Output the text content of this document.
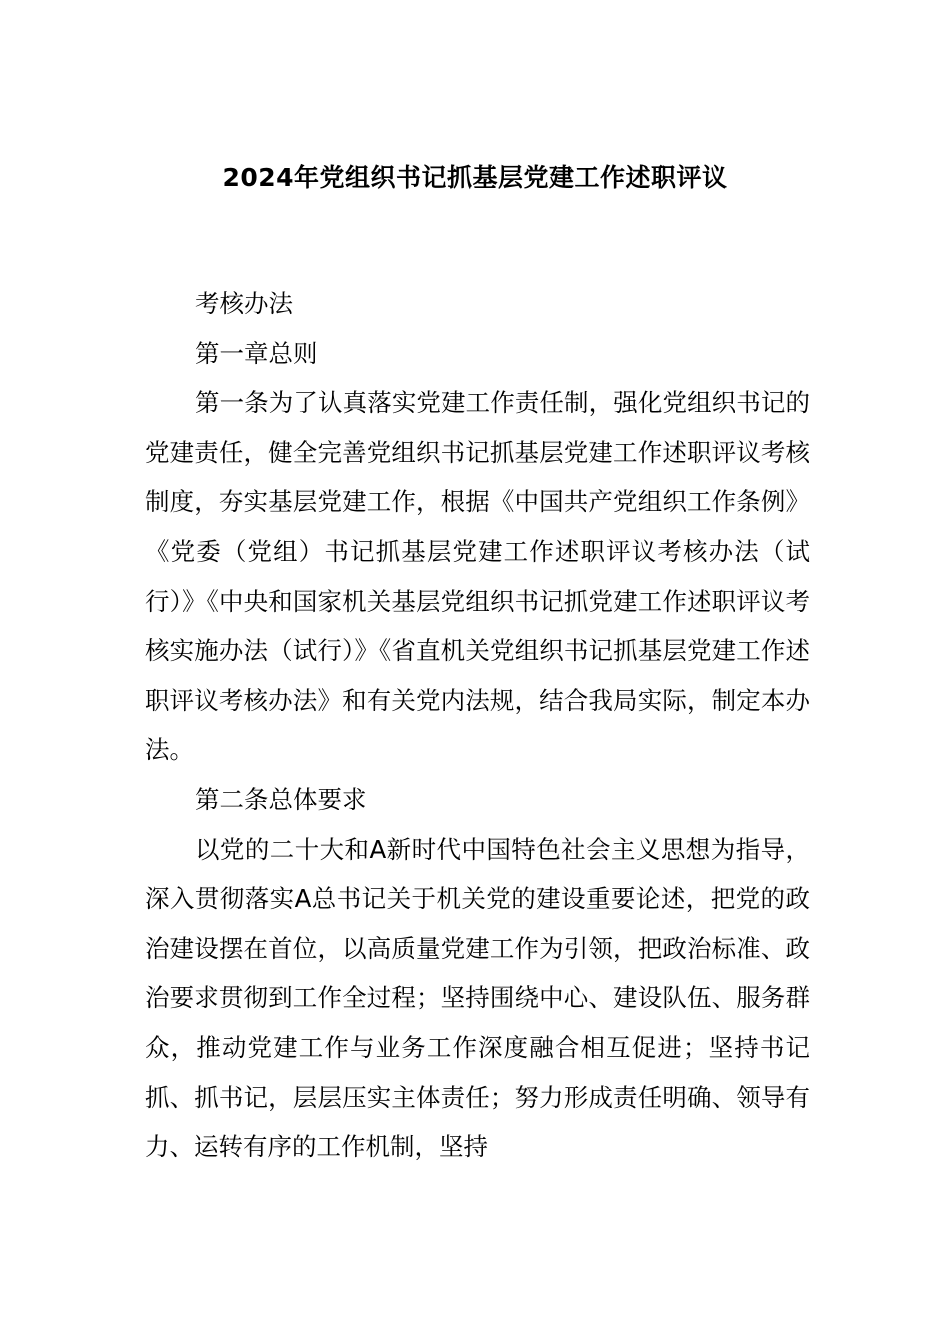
2024年党组织书记抓基层党建工作述职评议

考核办法

第一章总则

第一条为了认真落实党建工作责任制，强化党组织书记的党建责任，健全完善党组织书记抓基层党建工作述职评议考核制度，夯实基层党建工作，根据《中国共产党组织工作条例》《党委（党组）书记抓基层党建工作述职评议考核办法（试行）》《中央和国家机关基层党组织书记抓党建工作述职评议考核实施办法（试行）》《省直机关党组织书记抓基层党建工作述职评议考核办法》和有关党内法规，结合我局实际，制定本办法。

第二条总体要求

以党的二十大和A新时代中国特色社会主义思想为指导，深入贯彻落实A总书记关于机关党的建设重要论述，把党的政治建设摆在首位，以高质量党建工作为引领，把政治标准、政治要求贯彻到工作全过程；坚持围绕中心、建设队伍、服务群众，推动党建工作与业务工作深度融合相互促进；坚持书记抓、抓书记，层层压实主体责任；努力形成责任明确、领导有力、运转有序的工作机制，坚持
